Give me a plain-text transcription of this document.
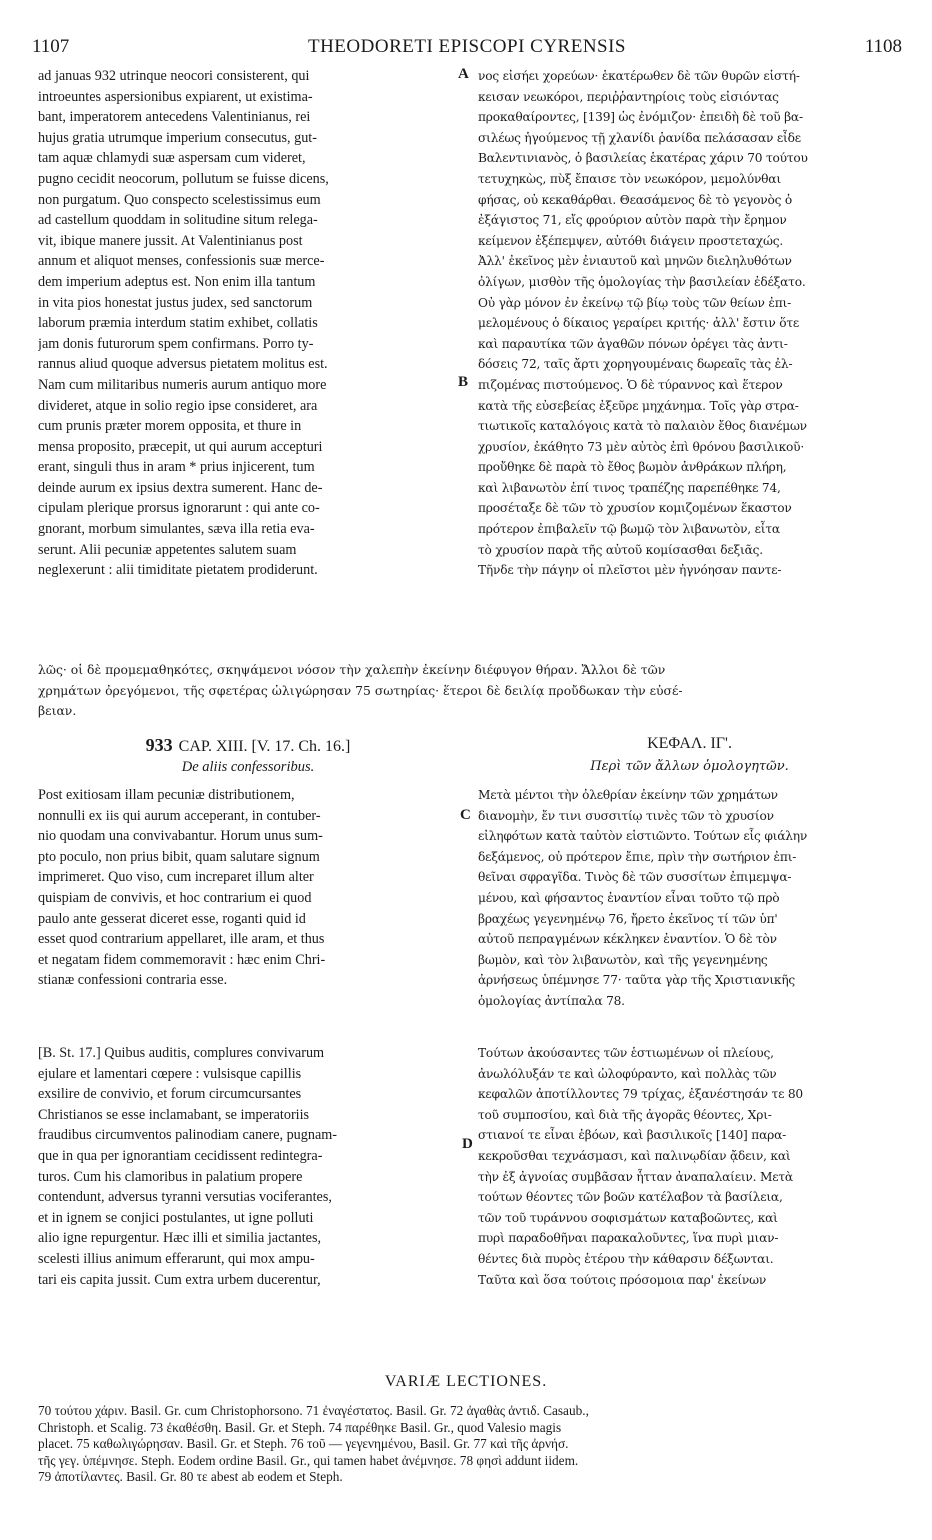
1107	THEODORETI EPISCOPI CYRENSIS	1108
A
B
C
D
ad januas 932 utrinque neocori consisterent, qui
introeuntes aspersionibus expiarent, ut existima-
bant, imperatorem antecedens Valentinianus, rei
hujus gratia utrumque imperium consecutus, gut-
tam aquæ chlamydi suæ aspersam cum videret,
pugno cecidit neocorum, pollutum se fuisse dicens,
non purgatum. Quo conspecto scelestissimus eum
ad castellum quoddam in solitudine situm relega-
vit, ibique manere jussit. At Valentinianus post
annum et aliquot menses, confessionis suæ merce-
dem imperium adeptus est. Non enim illa tantum
in vita pios honestat justus judex, sed sanctorum
laborum præmia interdum statim exhibet, collatis
jam donis futurorum spem confirmans. Porro ty-
rannus aliud quoque adversus pietatem molitus est.
Nam cum militaribus numeris aurum antiquo more
divideret, atque in solio regio ipse consideret, ara
cum prunis præter morem opposita, et thure in
mensa proposito, præcepit, ut qui aurum accepturi
erant, singuli thus in aram * prius injicerent, tum
deinde aurum ex ipsius dextra sumerent. Hanc de-
cipulam plerique prorsus ignorarunt : qui ante co-
gnorant, morbum simulantes, sæva illa retia eva-
serunt. Alii pecuniæ appetentes salutem suam
neglexerunt : alii timiditate pietatem prodiderunt.
νος εἰσήει χορεύων· ἑκατέρωθεν δὲ τῶν θυρῶν εἱστή-
κεισαν νεωκόροι, περιῤῥαντηρίοις τοὺς εἰσιόντας
προκαθαίροντες, [139] ὡς ἐνόμιζον· ἐπειδὴ δὲ τοῦ βα-
σιλέως ἡγούμενος τῇ χλανίδι ῥανίδα πελάσασαν εἶδε
Βαλεντινιανὸς, ὁ βασιλείας ἑκατέρας χάριν 70 τούτου
τετυχηκὼς, πὺξ ἔπαισε τὸν νεωκόρον, μεμολύνθαι
φήσας, οὐ κεκαθάρθαι. Θεασάμενος δὲ τὸ γεγονὸς ὁ
ἐξάγιστος 71, εἴς φρούριον αὐτὸν παρὰ τὴν ἔρημον
κείμενον ἐξέπεμψεν, αὐτόθι διάγειν προστεταχώς.
Ἀλλ' ἐκεῖνος μὲν ἐνιαυτοῦ καὶ μηνῶν διεληλυθότων
ὀλίγων, μισθὸν τῆς ὁμολογίας τὴν βασιλείαν ἐδέξατο.
Οὐ γὰρ μόνον ἐν ἐκείνῳ τῷ βίῳ τοὺς τῶν θείων ἐπι-
μελομένους ὁ δίκαιος γεραίρει κριτής· ἀλλ' ἔστιν ὅτε
καὶ παραυτίκα τῶν ἀγαθῶν πόνων ὀρέγει τὰς ἀντι-
δόσεις 72, ταῖς ἄρτι χορηγουμέναις δωρεαῖς τὰς ἐλ-
πιζομένας πιστούμενος. Ὁ δὲ τύραννος καὶ ἕτερον
κατὰ τῆς εὐσεβείας ἐξεῦρε μηχάνημα. Τοῖς γὰρ στρα-
τιωτικοῖς καταλόγοις κατὰ τὸ παλαιὸν ἔθος διανέμων
χρυσίον, ἐκάθητο 73 μὲν αὐτὸς ἐπὶ θρόνου βασιλικοῦ·
προὔθηκε δὲ παρὰ τὸ ἔθος βωμὸν ἀνθράκων πλήρη,
καὶ λιβανωτὸν ἐπί τινος τραπέζης παρεπέθηκε 74,
προσέταξε δὲ τῶν τὸ χρυσίον κομιζομένων ἕκαστον
πρότερον ἐπιβαλεῖν τῷ βωμῷ τὸν λιβανωτὸν, εἶτα
τὸ χρυσίον παρὰ τῆς αὐτοῦ κομίσασθαι δεξιᾶς.
Τῆνδε τὴν πάγην οἱ πλεῖστοι μὲν ἠγνόησαν παντε-
λῶς· οἱ δὲ προμεμαθηκότες, σκηψάμενοι νόσον τὴν χαλεπὴν ἐκείνην διέφυγον θήραν. Ἄλλοι δὲ τῶν
χρημάτων ὀρεγόμενοι, τῆς σφετέρας ὠλιγώρησαν 75 σωτηρίας· ἕτεροι δὲ δειλίᾳ προὔδωκαν τὴν εὐσέ-
βειαν.
933 CAP. XIII. [V. 17. Ch. 16.]
De aliis confessoribus.
ΚΕΦΑΛ. ΙΓ'.
Περὶ τῶν ἄλλων ὁμολογητῶν.
Post exitiosam illam pecuniæ distributionem,
nonnulli ex iis qui aurum acceperant, in contuber-
nio quodam una convivabantur. Horum unus sum-
pto poculo, non prius bibit, quam salutare signum
imprimeret. Quo viso, cum increparet illum alter
quispiam de convivis, et hoc contrarium ei quod
paulo ante gesserat diceret esse, roganti quid id
esset quod contrarium appellaret, ille aram, et thus
et negatam fidem commemoravit : hæc enim Chri-
stianæ confessioni contraria esse.
[B. St. 17.] Quibus auditis, complures convivarum
ejulare et lamentari cœpere : vulsisque capillis
exsilire de convivio, et forum circumcursantes
Christianos se esse inclamabant, se imperatoriis
fraudibus circumventos palinodiam canere, pugnam-
que in qua per ignorantiam cecidissent redintegra-
turos. Cum his clamoribus in palatium propere
contendunt, adversus tyranni versutias vociferantes,
et in ignem se conjici postulantes, ut igne polluti
alio igne repurgentur. Hæc illi et similia jactantes,
scelesti illius animum efferarunt, qui mox ampu-
tari eis capita jussit. Cum extra urbem ducerentur,
Μετὰ μέντοι τὴν ὀλεθρίαν ἐκείνην τῶν χρημάτων
διανομὴν, ἔν τινι συσσιτίῳ τινὲς τῶν τὸ χρυσίον
εἰληφότων κατὰ ταὐτὸν εἱστιῶντο. Τούτων εἷς φιάλην
δεξάμενος, οὐ πρότερον ἔπιε, πρὶν τὴν σωτήριον ἐπι-
θεῖναι σφραγῖδα. Τινὸς δὲ τῶν συσσίτων ἐπιμεμψα-
μένου, καὶ φήσαντος ἐναντίον εἶναι τοῦτο τῷ πρὸ
βραχέως γεγενημένῳ 76, ἤρετο ἐκεῖνος τί τῶν ὑπ'
αὐτοῦ πεπραγμένων κέκληκεν ἐναντίον. Ὁ δὲ τὸν
βωμὸν, καὶ τὸν λιβανωτὸν, καὶ τῆς γεγενημένης
ἀρνήσεως ὑπέμνησε 77· ταῦτα γὰρ τῆς Χριστιανικῆς
ὁμολογίας ἀντίπαλα 78.
Τούτων ἀκούσαντες τῶν ἑστιωμένων οἱ πλείους,
ἀνωλόλυξάν τε καὶ ὠλοφύραντο, καὶ πολλὰς τῶν
κεφαλῶν ἀποτίλλοντες 79 τρίχας, ἐξανέστησάν τε 80
τοῦ συμποσίου, καὶ διὰ τῆς ἀγορᾶς θέοντες, Χρι-
στιανοί τε εἶναι ἐβόων, καὶ βασιλικοῖς [140] παρα-
κεκροῦσθαι τεχνάσμασι, καὶ παλινῳδίαν ᾄδειν, καὶ
τὴν ἐξ ἀγνοίας συμβᾶσαν ἧτταν ἀναπαλαίειν. Μετὰ
τούτων θέοντες τῶν βοῶν κατέλαβον τὰ βασίλεια,
τῶν τοῦ τυράννου σοφισμάτων καταβοῶντες, καὶ
πυρὶ παραδοθῆναι παρακαλοῦντες, ἵνα πυρὶ μιαν-
θέντες διὰ πυρὸς ἑτέρου τὴν κάθαρσιν δέξωνται.
Ταῦτα καὶ ὅσα τούτοις πρόσομοια παρ' ἐκείνων
VARIÆ LECTIONES.
70 τούτου χάριν. Basil. Gr. cum Christophorsono. 71 ἐναγέστατος. Basil. Gr. 72 ἀγαθὰς ἀντιδ. Casaub.,
Christoph. et Scalig. 73 ἐκαθέσθη. Basil. Gr. et Steph. 74 παρέθηκε Basil. Gr., quod Valesio magis
placet. 75 καθωλιγώρησαν. Basil. Gr. et Steph. 76 τοῦ — γεγενημένου, Basil. Gr. 77 καὶ τῆς ἀρνήσ.
τῆς γεγ. ὑπέμνησε. Steph. Eodem ordine Basil. Gr., qui tamen habet ἀνέμνησε. 78 φησὶ addunt iidem.
79 ἀποτίλαντες. Basil. Gr. 80 τε abest ab eodem et Steph.
